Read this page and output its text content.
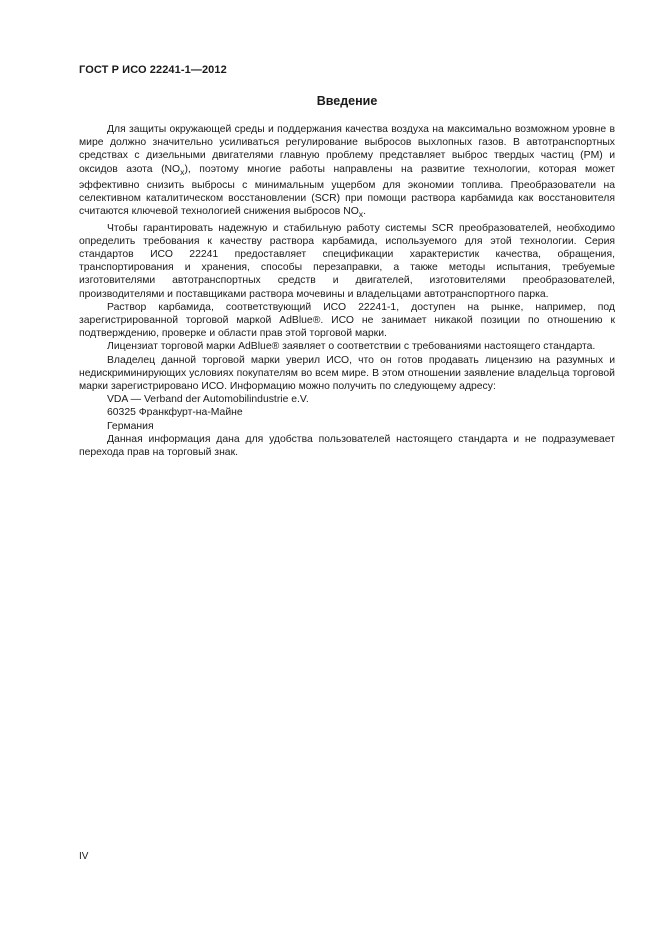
ГОСТ Р ИСО 22241-1—2012
Введение

Для защиты окружающей среды и поддержания качества воздуха на максимально возможном уровне в мире должно значительно усиливаться регулирование выбросов выхлопных газов. В автотранспортных средствах с дизельными двигателями главную проблему представляет выброс твердых частиц (PM) и оксидов азота $(NO_x)$, поэтому многие работы направлены на развитие технологии, которая может эффективно снизить выбросы с минимальным ущербом для экономии топлива. Преобразователи на селективном каталитическом восстановлении (SCR) при помощи раствора карбамида как восстановителя считаются ключевой технологией снижения выбросов $NO_x$.

Чтобы гарантировать надежную и стабильную работу системы SCR преобразователей, необходимо определить требования к качеству раствора карбамида, используемого для этой технологии. Серия стандартов ИСО 22241 предоставляет спецификации характеристик качества, обращения, транспортирования и хранения, способы перезаправки, а также методы испытания, требуемые изготовителями автотранспортных средств и двигателей, изготовителями преобразователей, производителями и поставщиками раствора мочевины и владельцами автотранспортного парка.

Раствор карбамида, соответствующий ИСО 22241-1, доступен на рынке, например, под зарегистрированной торговой маркой AdBlue®. ИСО не занимает никакой позиции по отношению к подтверждению, проверке и области прав этой торговой марки.

Лицензиат торговой марки AdBlue® заявляет о соответствии с требованиями настоящего стандарта.

Владелец данной торговой марки уверил ИСО, что он готов продавать лицензию на разумных и недискриминирующих условиях покупателям во всем мире. В этом отношении заявление владельца торговой марки зарегистрировано ИСО. Информацию можно получить по следующему адресу:

VDA — Verband der Automobilindustrie e.V.

60325 Франкфурт-на-Майне

Германия

Данная информация дана для удобства пользователей настоящего стандарта и не подразумевает перехода прав на торговый знак.

IV
